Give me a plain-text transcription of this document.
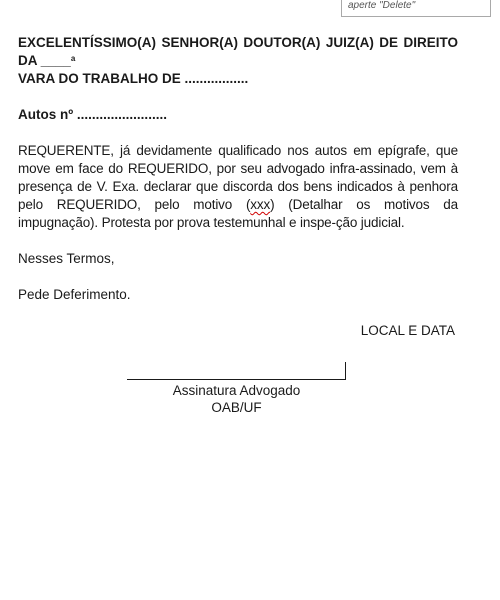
aperte "Delete"

EXCELENTÍSSIMO(A) SENHOR(A) DOUTOR(A) JUIZ(A) DE DIREITO DA ____$^a$
VARA DO TRABALHO DE .................

Autos nº ........................
REQUERENTE, já devidamente qualificado nos autos em epígrafe, que move em face do REQUERIDO, por seu advogado infra-assinado, vem à presença de V. Exa. declarar que discorda dos bens indicados à penhora pelo REQUERIDO, pelo motivo (xxx) (Detalhar os motivos da impugnação). Protesta por prova testemunhal e inspe-ção judicial.
Nesses Termos,
Pede Deferimento.
LOCAL E DATA
Assinatura Advogado
OAB/UF
